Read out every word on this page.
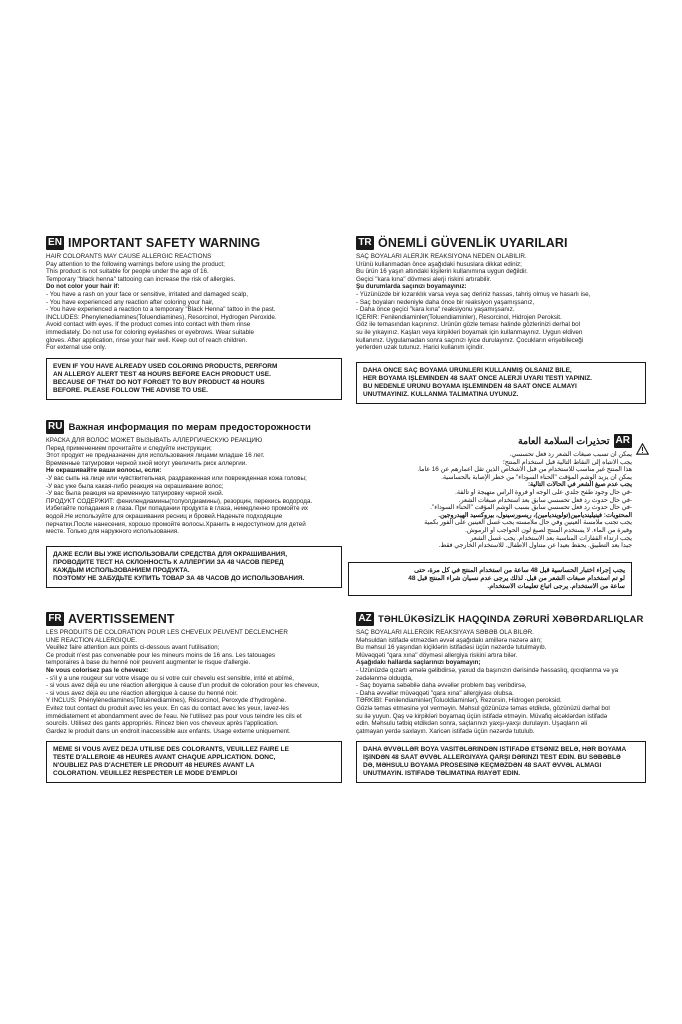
EN IMPORTANT SAFETY WARNING
HAIR COLORANTS MAY CAUSE ALLERGIC REACTIONS
Pay attention to the following warnings before using the product;
This product is not suitable for people under the age of 16.
Temporary "black henna" tattooing can increase the risk of allergies.
Do not color your hair if:
- You have a rash on your face or sensitive, irritated and damaged scalp,
- You have experienced any reaction after coloring your hair,
- You have experienced a reaction to a temporary "Black Henna" tattoo in the past.
INCLUDES: Phenylenediamines(Toluendiamines), Resorcinol, Hydrogen Peroxide.
Avoid contact with eyes. If the product comes into contact with them rinse
immediately. Do not use for coloring eyelashes or eyebrows. Wear suitable
gloves. After application, rinse your hair well. Keep out of reach children.
For external use only.
EVEN IF YOU HAVE ALREADY USED COLORING PRODUCTS, PERFORM
AN ALLERGY ALERT TEST 48 HOURS BEFORE EACH PRODUCT USE.
BECAUSE OF THAT DO NOT FORGET TO BUY PRODUCT 48 HOURS
BEFORE. PLEASE FOLLOW THE ADVISE TO USE.
TR ÖNEMLİ GÜVENLİK UYARILARI
SAÇ BOYALARI ALERJİK REAKSİYONA NEDEN OLABİLİR.
Ürünü kullanmadan önce aşağıdaki hususlara dikkat ediniz;
Bu ürün 16 yaşın altındaki kişilerin kullanımına uygun değildir.
Geçici "kara kına" dövmesi alerji riskini artırabilir.
Şu durumlarda saçınızı boyamayınız:
- Yüzünüzde bir kızarıklık varsa veya saç deriniz hassas, tahriş olmuş ve hasarlı ise,
- Saç boyaları nedeniyle daha önce bir reaksiyon yaşamışsanız,
- Daha önce geçici "kara kına" reaksiyonu yaşamışsanız.
İÇERİR: Fenilendiaminler(Toluendiaminler), Resorcinol, Hidrojen Peroksit.
Göz ile temasından kaçınınız. Ürünün gözle teması halinde gözlerinizi derhal bol
su ile yıkayınız. Kaşları veya kirpikleri boyamak için kullanmayınız. Uygun eldiven
kullanınız. Uygulamadan sonra saçınızı iyice durulayınız. Çocukların erişebileceği
yerlerden uzak tutunuz. Harici kullanım içindir.
DAHA ÖNCE SAÇ BOYAMA ÜRÜNLERİ KULLANMIŞ OLSANIZ BİLE,
HER BOYAMA İŞLEMİNDEN 48 SAAT ÖNCE ALERJİ UYARI TESTİ YAPINIZ.
BU NEDENLE ÜRÜNÜ BOYAMA İŞLEMİNDEN 48 SAAT ÖNCE ALMAYI
UNUTMAYINIZ. KULLANMA TALİMATINA UYUNUZ.
RU Важная информация по мерам предосторожности
КРАСКА ДЛЯ ВОЛОС МОЖЕТ ВЫЗЫВАТЬ АЛЛЕРГИЧЕСКУЮ РЕАКЦИЮ
Перед применением прочитайте и следуйте инструкции;
Этот продукт не предназначен для использования лицами младше 16 лет.
Временные татуировки черной хной могут увеличить риск аллергии.
Не окрашивайте ваши волосы, если:
-У вас сыпь на лице или чувствительная, раздраженная или поврежденная кожа головы;
-У вас уже была какая-либо реакция на окрашивание волос;
-У вас была реакция на временную татуировку черной хной.
ПРОДУКТ СОДЕРЖИТ: фенилендиамины(толуолдиамины), резорцин, перекись водорода.
Избегайте попадания в глаза. При попадании продукта в глаза, немедленно промойте их
водой.Не используйте для окрашивания ресниц и бровей.Наденьте подходящие
перчатки.После нанесения, хорошо промойте волосы.Хранить в недоступном для детей
месте. Только для наружного использования.
ДАЖЕ ЕСЛИ ВЫ УЖЕ ИСПОЛЬЗОВАЛИ СРЕДСТВА ДЛЯ ОКРАШИВАНИЯ,
ПРОВОДИТЕ ТЕСТ НА СКЛОННОСТЬ К АЛЛЕРГИИ ЗА 48 ЧАСОВ ПЕРЕД
КАЖДЫМ ИСПОЛЬЗОВАНИЕМ ПРОДУКТА.
ПОЭТОМУ НЕ ЗАБУДЬТЕ КУПИТЬ ТОВАР ЗА 48 ЧАСОВ ДО ИСПОЛЬЗОВАНИЯ.
AR
تحذيرات السلامة العامة
يمكن أن تسبب صبغات الشعر رد فعل تحسسي.
يجب الانتباه إلى النقاط التالية قبل استخدام المنتج؛
هذا المنتج غير مناسب للاستخدام من قبل الأشخاص الذين تقل أعمارهم عن 16 عاماً.
يمكن أن يزيد الوشم المؤقت "الحناء السوداء" من خطر الإصابة بالحساسية.
يجب عدم صبغ الشعر في الحالات التالية:
-في حال وجود طفح جلدي على الوجه أو فروة الرأس متهيجة أو تالفة.
-في حال حدوث رد فعل تحسسي سابق بعد استخدام صبغات الشعر.
-في حال حدوث رد فعل تحسسي سابق بسبب الوشم المؤقت "الحناء السوداء".
المحتويات: فينيلينديامين(تولوينديامين)، ريسورسينول، بيروكسيد الهيدروجين.
يجب تجنب ملامسة العينين وفي حال ملامسته يجب غسل العينين على الفور بكمية
وفيرة من الماء. لا يستخدم المنتج لصبغ لون الحواجب أو الرموش.
يجب ارتداء القفازات المناسبة بعد الاستخدام. يجب غسل الشعر
جيداً بعد التطبيق. يحفظ بعيداً عن متناول الأطفال. للاستخدام الخارجي فقط.
يجب إجراء اختبار الحساسية قبل 48 ساعة من استخدام المنتج في كل مرة، حتى
لو تم استخدام صبغات الشعر من قبل. لذلك يرجى عدم نسيان شراء المنتج قبل 48
ساعة من الاستخدام. يرجى اتباع تعليمات الاستخدام.
FR AVERTISSEMENT
LES PRODUITS DE COLORATION POUR LES CHEVEUX PEUVENT DECLENCHER
UNE REACTION ALLERGIQUE.
Veuillez faire attention aux points ci-dessous avant l'utilisation;
Ce produit n'est pas convenable pour les mineurs moins de 16 ans. Les tatouages
temporaires à base du henné noir peuvent augmenter le risque d'allergie.
Ne vous colorisez pas le cheveux:
- s'il y a une rougeur sur votre visage ou si votre cuir chevelu est sensible, irrité et abîmé,
- si vous avez déjà eu une réaction allergique à cause d'un produit de coloration pour les cheveux,
- si vous avez déjà eu une réaction allergique à cause du henné noir.
Y INCLUS: Phénylènediamines(Toluènediamines), Résorcinol, Peroxyde d'hydrogène.
Évitez tout contact du produit avec les yeux. En cas du contact avec les yeux, lavez-les
immédiatement et abondamment avec de l'eau. Ne l'utilisez pas pour vous teindre les cils et
sourcils. Utilisez des gants appropriés. Rincez bien vos cheveux après l'application.
Gardez le produit dans un endroit inaccessible aux enfants. Usage externe uniquement.
MEME SI VOUS AVEZ DEJA UTILISE DES COLORANTS, VEUILLEZ FAIRE LE
TESTE D'ALLERGIE 48 HEURES AVANT CHAQUE APPLICATION. DONC,
N'OUBLIEZ PAS D'ACHETER LE PRODUIT 48 HEURES AVANT LA
COLORATION. VEUILLEZ RESPECTER LE MODE D'EMPLOI
AZ TƏHLÜKƏSİZLİK HAQQINDA ZƏRURİ XƏBƏRDARLIQLAR
SAÇ BOYALARI ALLERGİK REAKSİYAYA SƏBƏB OLA BİLƏR.
Məhsuldan istifadə etməzdən əvvəl aşağıdakı amillərə nəzərə alın;
Bu məhsul 16 yaşından kiçiklərin istifadəsi üçün nəzərdə tutulmayıb.
Müvəqqəti "qara xına" döyməsi allergiya riskini artıra bilər.
Aşağıdakı hallarda saçlarınızı boyamayın;
- Üzünüzdə qızartı əmələ gəlibdirsə, yaxud da başınızın dərisində həssaslıq, qıcıqlanma və ya
zədələnmə olduqda,
- Saç boyama səbəbilə daha əvvəllər problem baş veribdirsə,
- Daha əvvəllər müvəqqəti "qara xına" allergiyası olubsa.
TƏRKİBİ: Fenilendiaminlər(Toluoldiaminlər), Rezorsin, Hidrogen peroksid.
Gözlə təmas etməsinə yol verməyin. Məhsul gözünüzə təmas etdikdə, gözünüzü dərhal bol
su ilə yuyun. Qaş və kirpikləri boyamaq üçün istifadə etməyin. Müvafiq əlcəklərdən istifadə
edin. Məhsulu tətbiq etdikdən sonra, saçlarınızı yaxşı-yaxşı durulayın. Uşaqların əli
çatmayan yerdə saxlayın. Xaricən istifadə üçün nəzərdə tutulub.
DAHA ƏVVƏLLƏR BOYA VASİTƏLƏRİNDƏN İSTİFADƏ ETSƏNİZ BELƏ, HƏR BOYAMA
İŞİNDƏN 48 SAAT ƏVVƏL ALLERGİYAYA QARŞI DƏRİNZİ TEST EDİN. BU SƏBƏBLƏ
DƏ, MƏHSULU BOYAMA PROSESİNƏ KEÇMƏZDƏN 48 SAAT ƏVVƏL ALMAĞI
UNUTMAYIN. İSTİFADƏ TƏLİMATINA RİAYƏT EDİN.
